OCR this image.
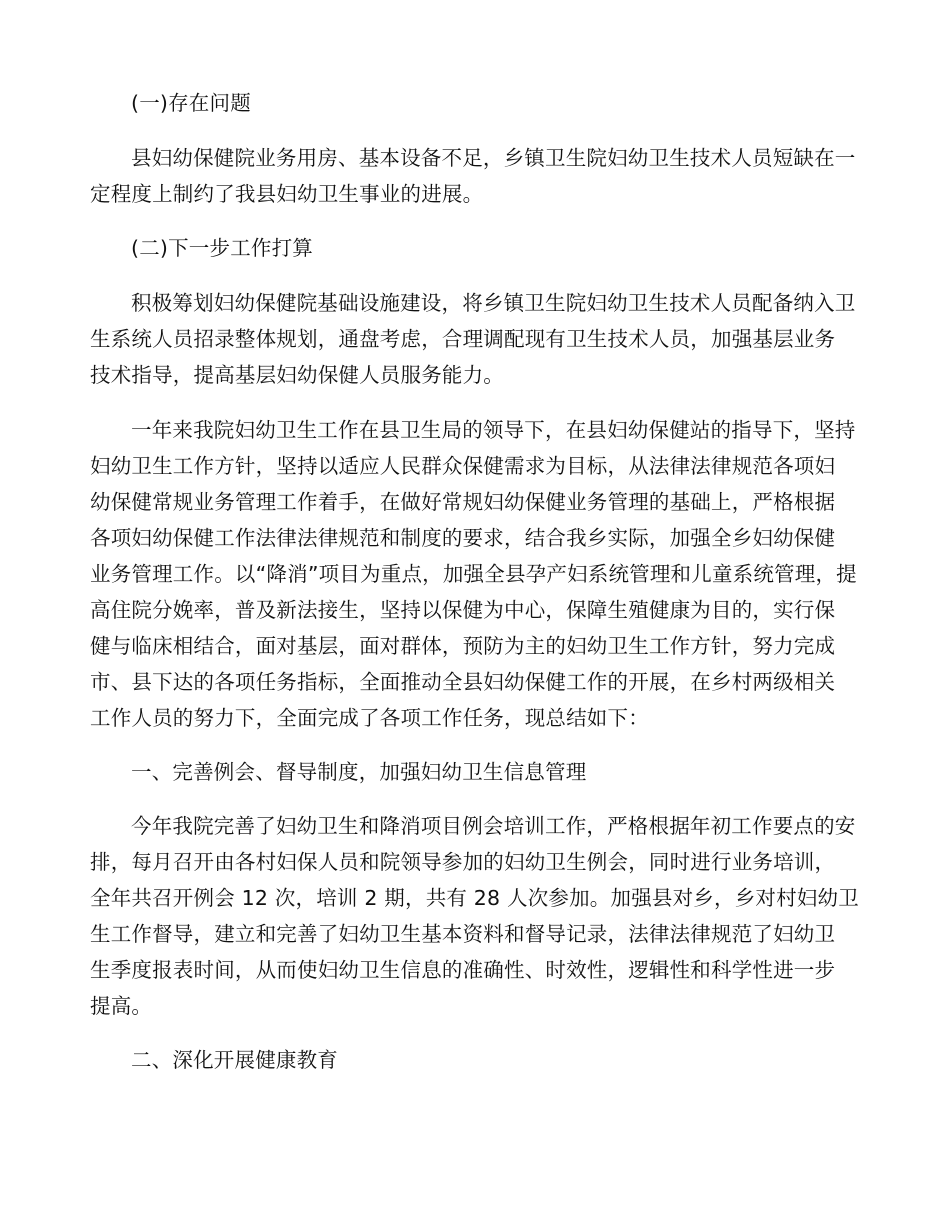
(一)存在问题
县妇幼保健院业务用房、基本设备不足，乡镇卫生院妇幼卫生技术人员短缺在一
定程度上制约了我县妇幼卫生事业的进展。
(二)下一步工作打算
积极筹划妇幼保健院基础设施建设，将乡镇卫生院妇幼卫生技术人员配备纳入卫
生系统人员招录整体规划，通盘考虑，合理调配现有卫生技术人员，加强基层业务
技术指导，提高基层妇幼保健人员服务能力。
一年来我院妇幼卫生工作在县卫生局的领导下，在县妇幼保健站的指导下，坚持
妇幼卫生工作方针，坚持以适应人民群众保健需求为目标，从法律法律规范各项妇
幼保健常规业务管理工作着手，在做好常规妇幼保健业务管理的基础上，严格根据
各项妇幼保健工作法律法律规范和制度的要求，结合我乡实际，加强全乡妇幼保健
业务管理工作。以“降消”项目为重点，加强全县孕产妇系统管理和儿童系统管理，提
高住院分娩率，普及新法接生，坚持以保健为中心，保障生殖健康为目的，实行保
健与临床相结合，面对基层，面对群体，预防为主的妇幼卫生工作方针，努力完成
市、县下达的各项任务指标，全面推动全县妇幼保健工作的开展，在乡村两级相关
工作人员的努力下，全面完成了各项工作任务，现总结如下：
一、完善例会、督导制度，加强妇幼卫生信息管理
今年我院完善了妇幼卫生和降消项目例会培训工作，严格根据年初工作要点的安
排，每月召开由各村妇保人员和院领导参加的妇幼卫生例会，同时进行业务培训，
全年共召开例会 12 次，培训 2 期，共有 28 人次参加。加强县对乡，乡对村妇幼卫
生工作督导，建立和完善了妇幼卫生基本资料和督导记录，法律法律规范了妇幼卫
生季度报表时间，从而使妇幼卫生信息的准确性、时效性，逻辑性和科学性进一步
提高。
二、深化开展健康教育
